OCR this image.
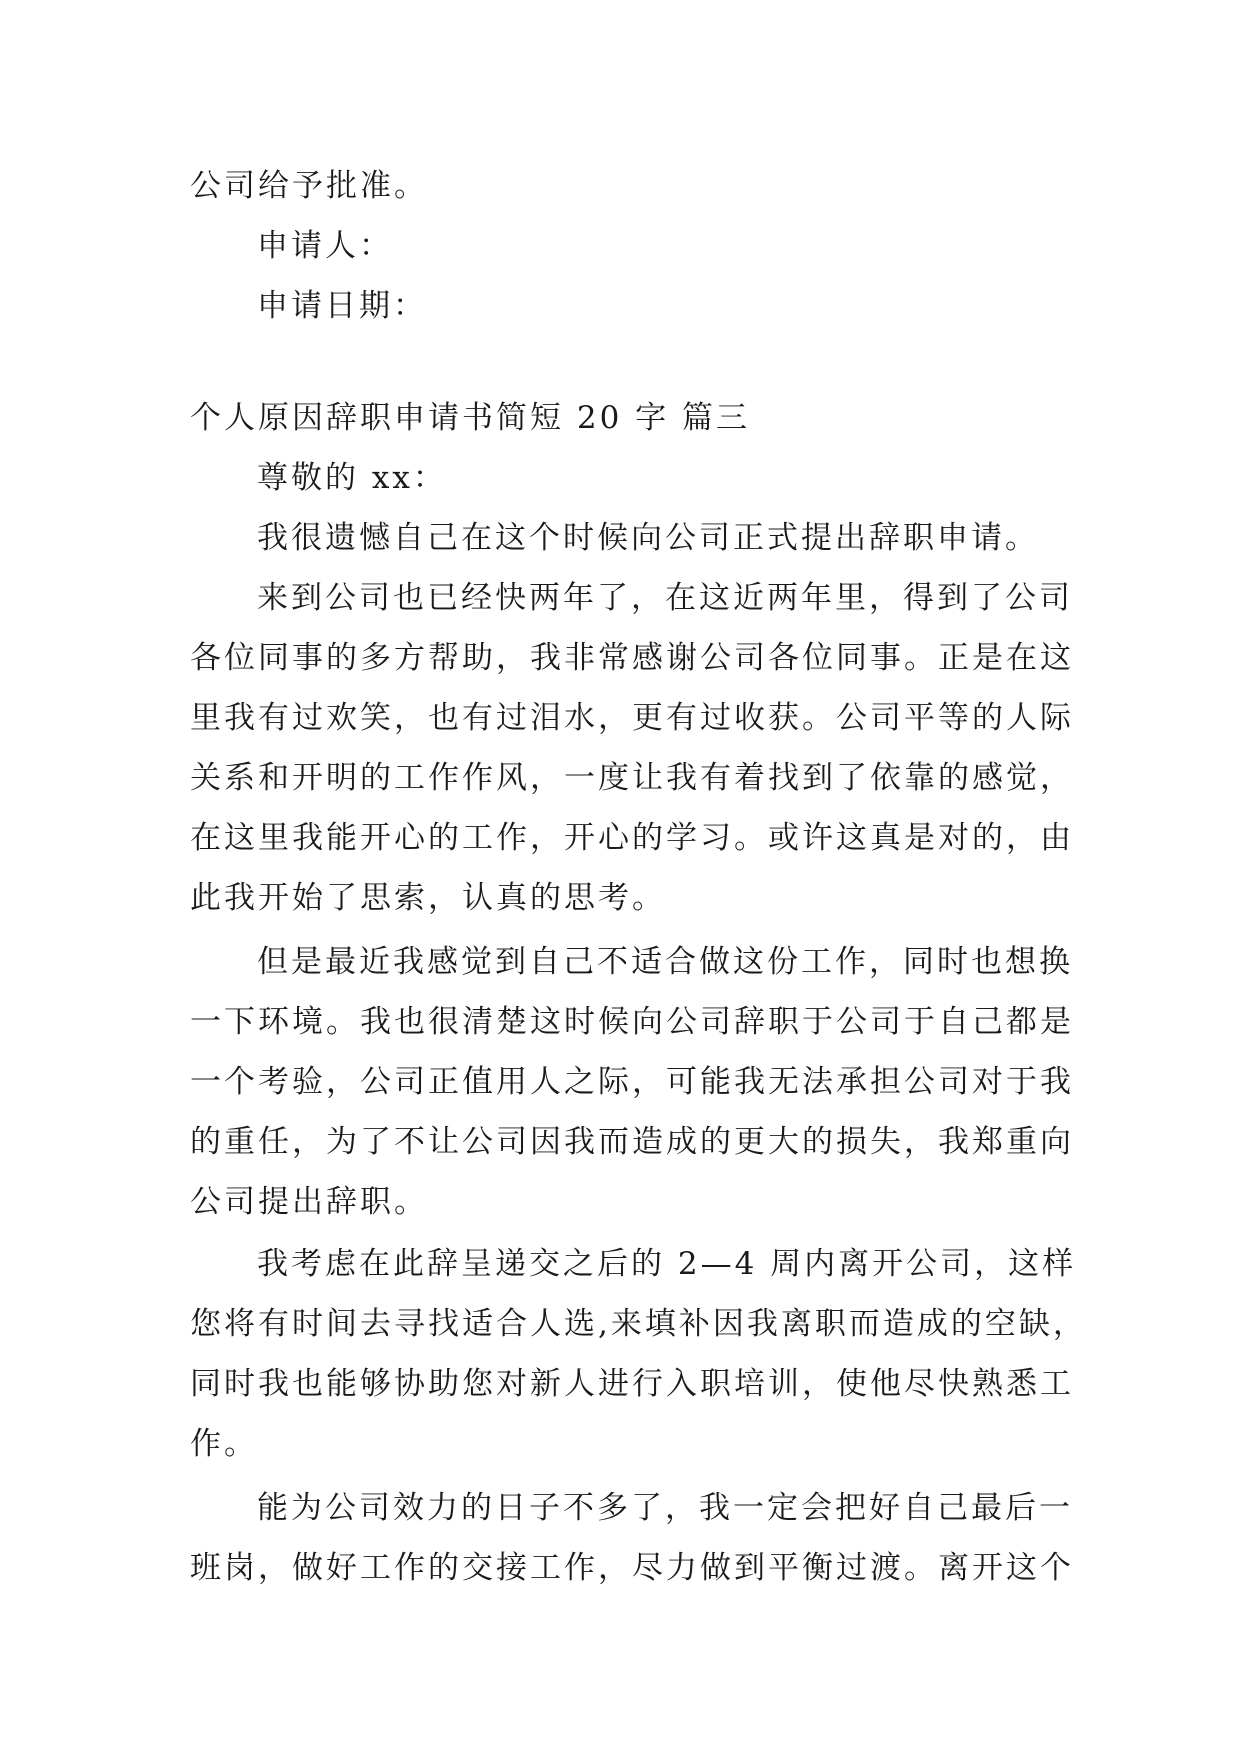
公司给予批准。
申请人：
申请日期：
个人原因辞职申请书简短 20 字 篇三
尊敬的 xx：
我很遗憾自己在这个时候向公司正式提出辞职申请。
来到公司也已经快两年了，在这近两年里，得到了公司
各位同事的多方帮助，我非常感谢公司各位同事。正是在这
里我有过欢笑，也有过泪水，更有过收获。公司平等的人际
关系和开明的工作作风，一度让我有着找到了依靠的感觉，
在这里我能开心的工作，开心的学习。或许这真是对的，由
此我开始了思索，认真的思考。
但是最近我感觉到自己不适合做这份工作，同时也想换
一下环境。我也很清楚这时候向公司辞职于公司于自己都是
一个考验，公司正值用人之际，可能我无法承担公司对于我
的重任，为了不让公司因我而造成的更大的损失，我郑重向
公司提出辞职。
我考虑在此辞呈递交之后的 2—4 周内离开公司，这样
您将有时间去寻找适合人选,来填补因我离职而造成的空缺，
同时我也能够协助您对新人进行入职培训，使他尽快熟悉工
作。
能为公司效力的日子不多了，我一定会把好自己最后一
班岗，做好工作的交接工作，尽力做到平衡过渡。离开这个
